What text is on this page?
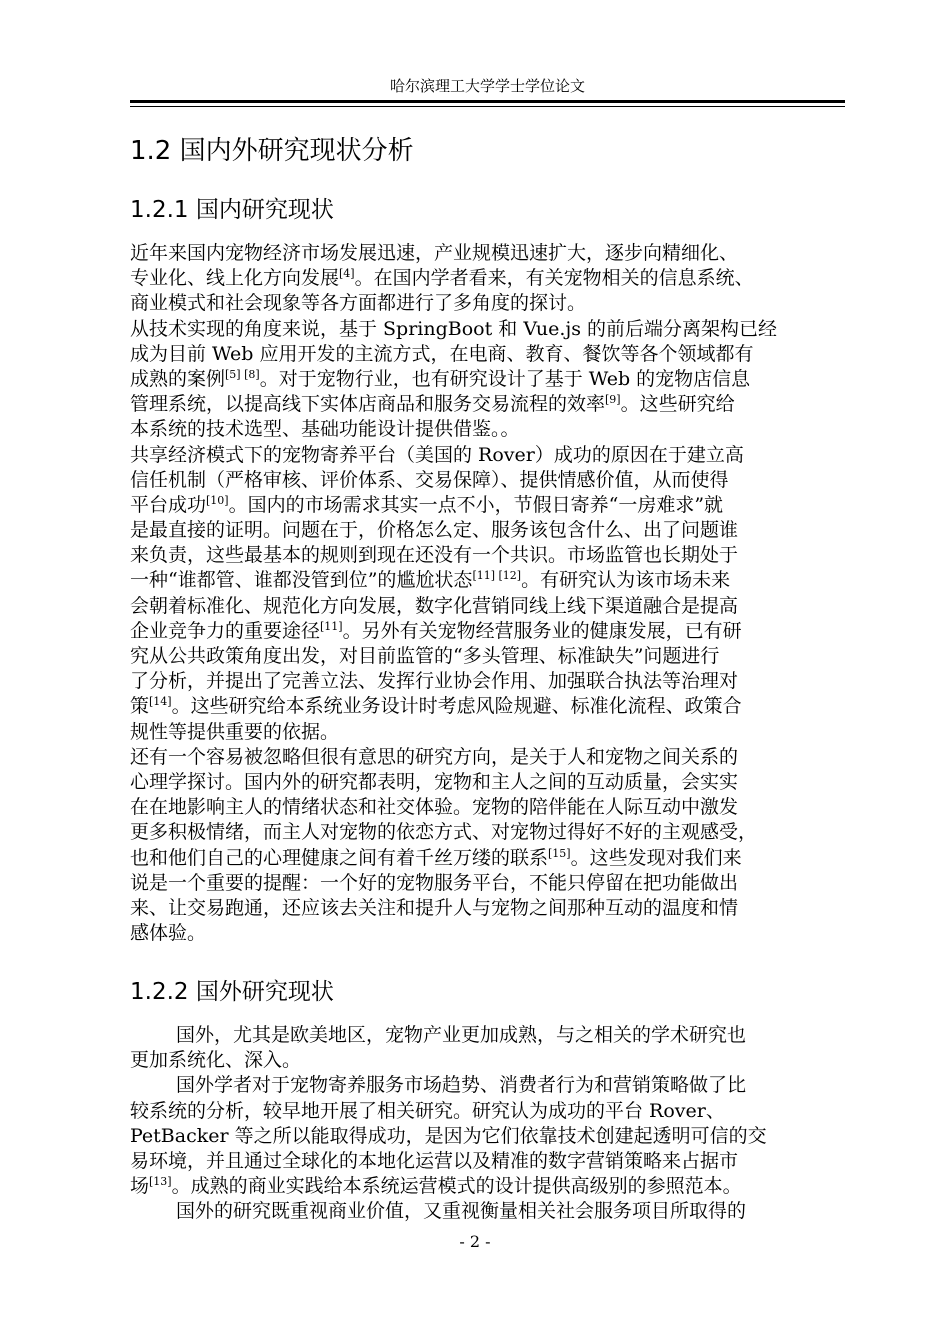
哈尔滨理工大学学士学位论文
1.2 国内外研究现状分析
1.2.1 国内研究现状
近年来国内宠物经济市场发展迅速，产业规模迅速扩大，逐步向精细化、
专业化、线上化方向发展[4]。在国内学者看来，有关宠物相关的信息系统、
商业模式和社会现象等各方面都进行了多角度的探讨。
从技术实现的角度来说，基于 SpringBoot 和 Vue.js 的前后端分离架构已经
成为目前 Web 应用开发的主流方式，在电商、教育、餐饮等各个领域都有
成熟的案例[5] [8]。对于宠物行业，也有研究设计了基于 Web 的宠物店信息
管理系统，以提高线下实体店商品和服务交易流程的效率[9]。这些研究给
本系统的技术选型、基础功能设计提供借鉴。。
共享经济模式下的宠物寄养平台（美国的 Rover）成功的原因在于建立高
信任机制（严格审核、评价体系、交易保障）、提供情感价值，从而使得
平台成功[10]。国内的市场需求其实一点不小，节假日寄养“一房难求”就
是最直接的证明。问题在于，价格怎么定、服务该包含什么、出了问题谁
来负责，这些最基本的规则到现在还没有一个共识。市场监管也长期处于
一种“谁都管、谁都没管到位”的尴尬状态[11] [12]。有研究认为该市场未来
会朝着标准化、规范化方向发展，数字化营销同线上线下渠道融合是提高
企业竞争力的重要途径[11]。另外有关宠物经营服务业的健康发展，已有研
究从公共政策角度出发，对目前监管的“多头管理、标准缺失”问题进行
了分析，并提出了完善立法、发挥行业协会作用、加强联合执法等治理对
策[14]。这些研究给本系统业务设计时考虑风险规避、标准化流程、政策合
规性等提供重要的依据。
还有一个容易被忽略但很有意思的研究方向，是关于人和宠物之间关系的
心理学探讨。国内外的研究都表明，宠物和主人之间的互动质量，会实实
在在地影响主人的情绪状态和社交体验。宠物的陪伴能在人际互动中激发
更多积极情绪，而主人对宠物的依恋方式、对宠物过得好不好的主观感受，
也和他们自己的心理健康之间有着千丝万缕的联系[15]。这些发现对我们来
说是一个重要的提醒：一个好的宠物服务平台，不能只停留在把功能做出
来、让交易跑通，还应该去关注和提升人与宠物之间那种互动的温度和情
感体验。
1.2.2 国外研究现状
国外，尤其是欧美地区，宠物产业更加成熟，与之相关的学术研究也
更加系统化、深入。
国外学者对于宠物寄养服务市场趋势、消费者行为和营销策略做了比
较系统的分析，较早地开展了相关研究。研究认为成功的平台 Rover、
PetBacker 等之所以能取得成功，是因为它们依靠技术创建起透明可信的交
易环境，并且通过全球化的本地化运营以及精准的数字营销策略来占据市
场[13]。成熟的商业实践给本系统运营模式的设计提供高级别的参照范本。
国外的研究既重视商业价值，又重视衡量相关社会服务项目所取得的
- 2 -
